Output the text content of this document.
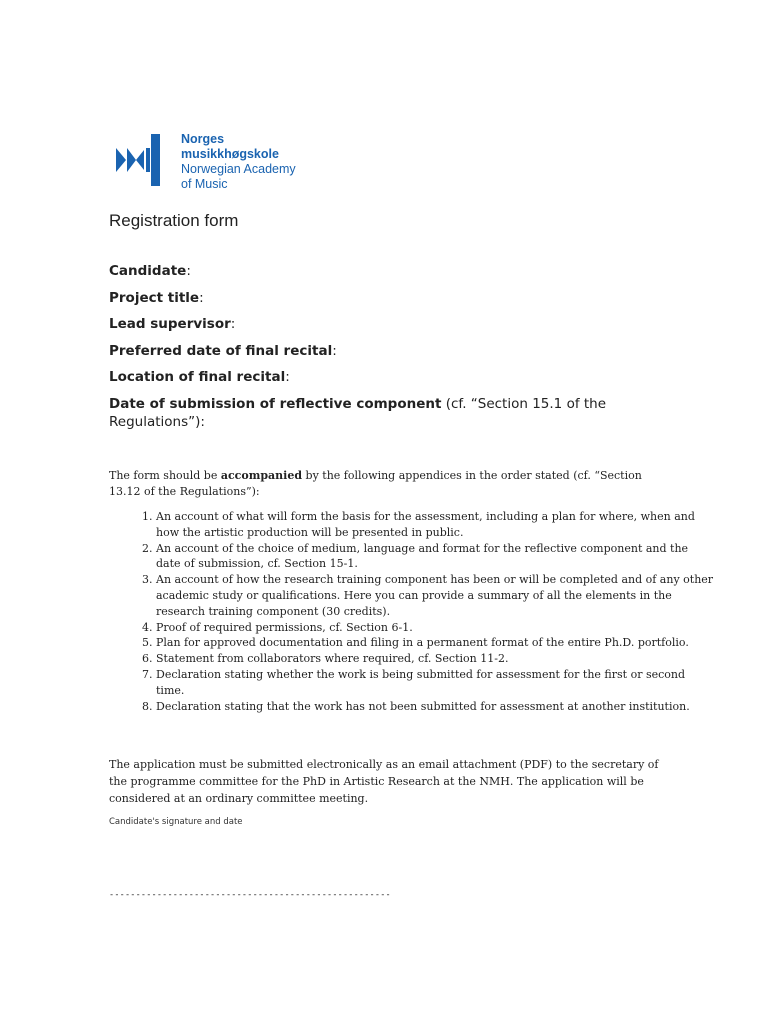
Norges
musikkhøgskole
Norwegian Academy
of Music
Registration form
Candidate:
Project title:
Lead supervisor:
Preferred date of final recital:
Location of final recital:
Date of submission of reflective component (cf. “Section 15.1 of the Regulations”):
The form should be accompanied by the following appendices in the order stated (cf. “Section 13.12 of the Regulations”):
1. An account of what will form the basis for the assessment, including a plan for where, when and how the artistic production will be presented in public.
2. An account of the choice of medium, language and format for the reflective component and the date of submission, cf. Section 15-1.
3. An account of how the research training component has been or will be completed and of any other academic study or qualifications. Here you can provide a summary of all the elements in the research training component (30 credits).
4. Proof of required permissions, cf. Section 6-1.
5. Plan for approved documentation and filing in a permanent format of the entire Ph.D. portfolio.
6. Statement from collaborators where required, cf. Section 11-2.
7. Declaration stating whether the work is being submitted for assessment for the first or second time.
8. Declaration stating that the work has not been submitted for assessment at another institution.
The application must be submitted electronically as an email attachment (PDF) to the secretary of the programme committee for the PhD in Artistic Research at the NMH. The application will be considered at an ordinary committee meeting.
Candidate's signature and date
-----------------------------------------------------
